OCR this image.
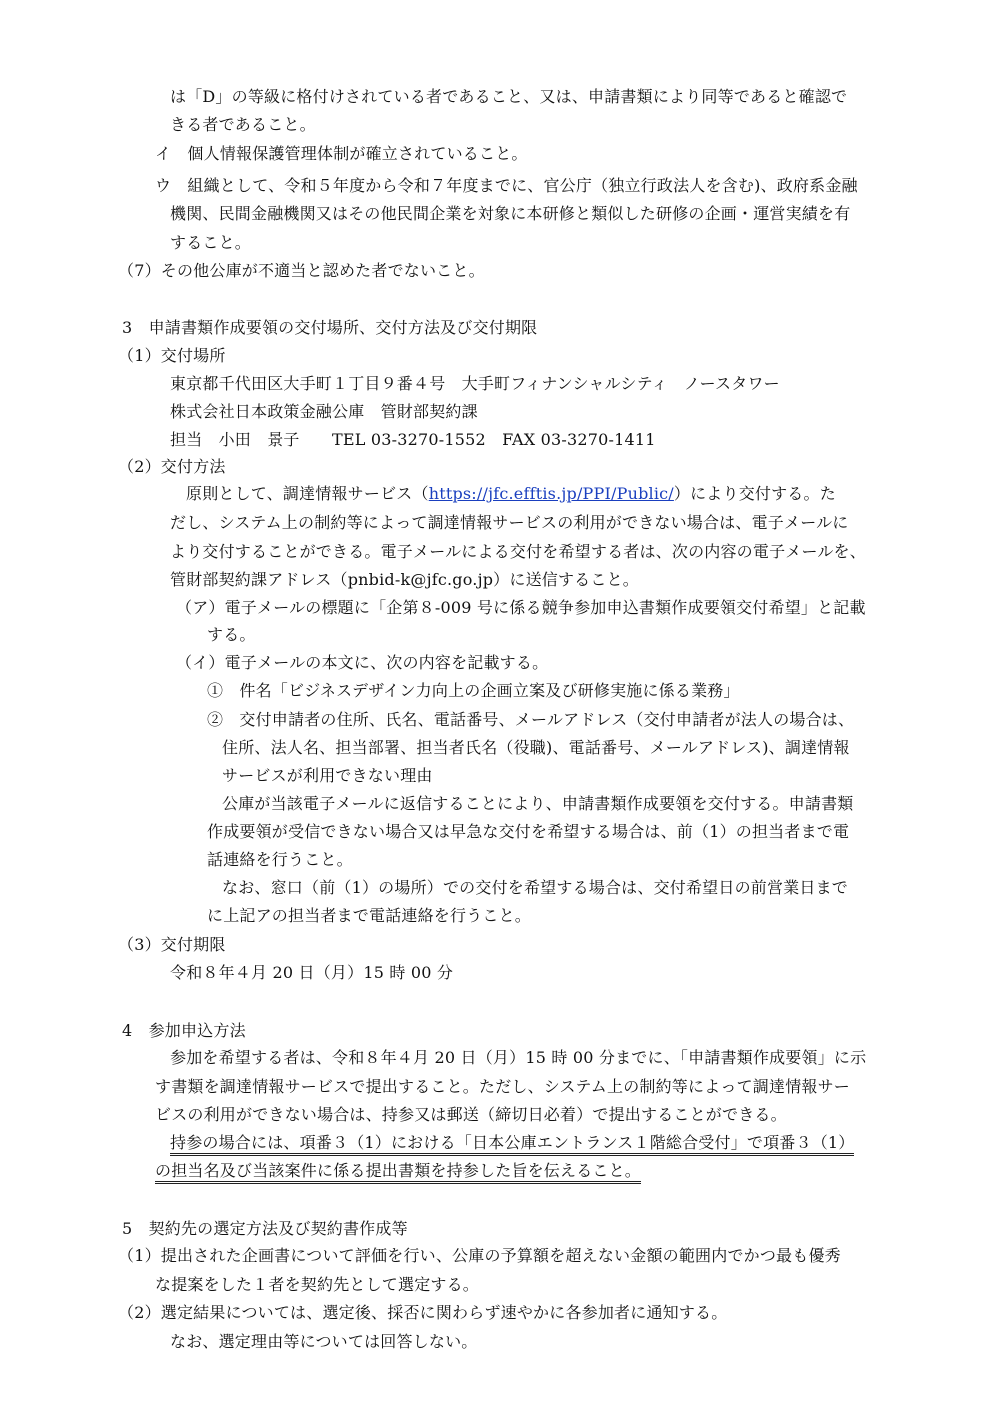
は「D」の等級に格付けされている者であること、又は、申請書類により同等であると確認で
きる者であること。
イ　個人情報保護管理体制が確立されていること。
ウ　組織として、令和５年度から令和７年度までに、官公庁（独立行政法人を含む)、政府系金融
機関、民間金融機関又はその他民間企業を対象に本研修と類似した研修の企画・運営実績を有
すること。
（7）その他公庫が不適当と認めた者でないこと。
3　申請書類作成要領の交付場所、交付方法及び交付期限
（1）交付場所
東京都千代田区大手町１丁目９番４号　大手町フィナンシャルシティ　ノースタワー
株式会社日本政策金融公庫　管財部契約課
担当　小田　景子　　TEL 03-3270-1552　FAX 03-3270-1411
（2）交付方法
原則として、調達情報サービス（https://jfc.efftis.jp/PPI/Public/）により交付する。た
だし、システム上の制約等によって調達情報サービスの利用ができない場合は、電子メールに
より交付することができる。電子メールによる交付を希望する者は、次の内容の電子メールを、
管財部契約課アドレス（pnbid-k@jfc.go.jp）に送信すること。
（ア）電子メールの標題に「企第８-009 号に係る競争参加申込書類作成要領交付希望」と記載
する。
（イ）電子メールの本文に、次の内容を記載する。
①　件名「ビジネスデザイン力向上の企画立案及び研修実施に係る業務」
②　交付申請者の住所、氏名、電話番号、メールアドレス（交付申請者が法人の場合は、
住所、法人名、担当部署、担当者氏名（役職)、電話番号、メールアドレス)、調達情報
サービスが利用できない理由
公庫が当該電子メールに返信することにより、申請書類作成要領を交付する。申請書類
作成要領が受信できない場合又は早急な交付を希望する場合は、前（1）の担当者まで電
話連絡を行うこと。
なお、窓口（前（1）の場所）での交付を希望する場合は、交付希望日の前営業日まで
に上記アの担当者まで電話連絡を行うこと。
（3）交付期限
令和８年４月 20 日（月）15 時 00 分
4　参加申込方法
参加を希望する者は、令和８年４月 20 日（月）15 時 00 分までに、「申請書類作成要領」に示
す書類を調達情報サービスで提出すること。ただし、システム上の制約等によって調達情報サー
ビスの利用ができない場合は、持参又は郵送（締切日必着）で提出することができる。
持参の場合には、項番３（1）における「日本公庫エントランス１階総合受付」で項番３（1）
の担当名及び当該案件に係る提出書類を持参した旨を伝えること。
5　契約先の選定方法及び契約書作成等
（1）提出された企画書について評価を行い、公庫の予算額を超えない金額の範囲内でかつ最も優秀
な提案をした１者を契約先として選定する。
（2）選定結果については、選定後、採否に関わらず速やかに各参加者に通知する。
なお、選定理由等については回答しない。
